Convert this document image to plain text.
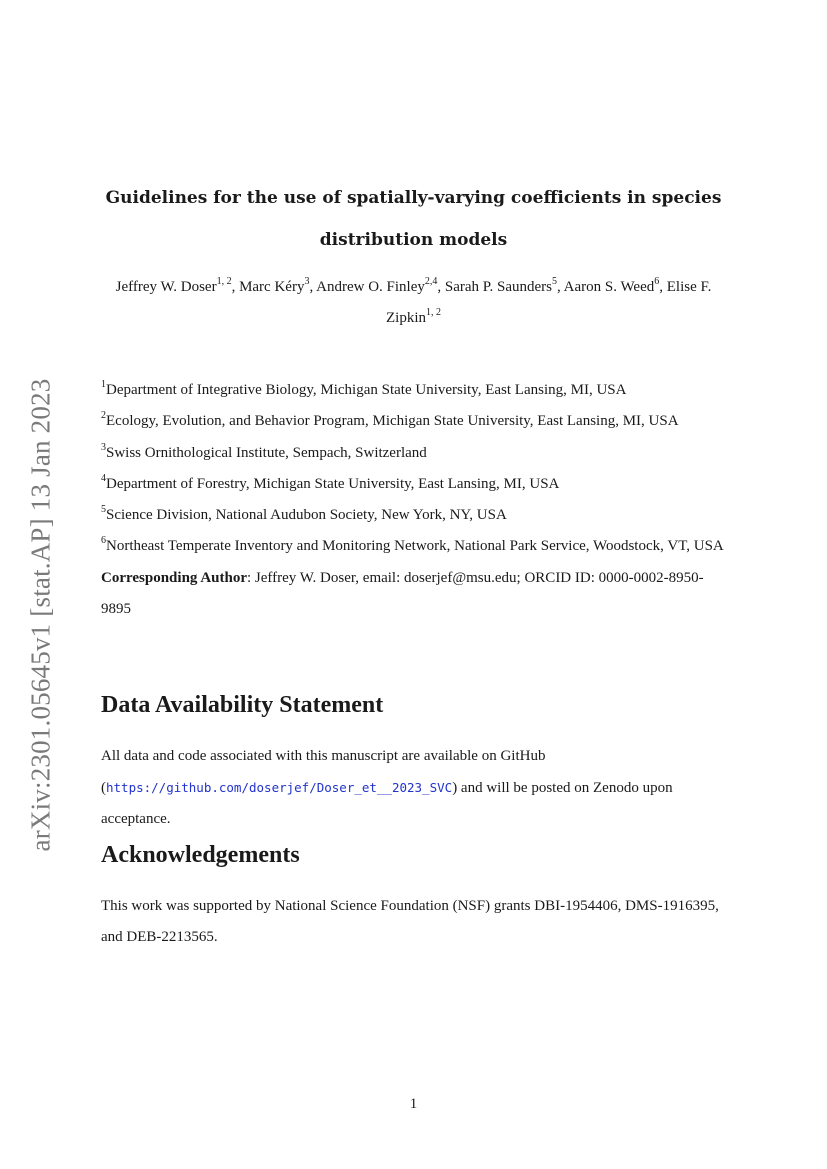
arXiv:2301.05645v1 [stat.AP] 13 Jan 2023
Guidelines for the use of spatially-varying coefficients in species distribution models
Jeffrey W. Doser$^{1, 2}$, Marc Kéry$^3$, Andrew O. Finley$^{2,4}$, Sarah P. Saunders$^5$, Aaron S. Weed$^6$, Elise F. Zipkin$^{1, 2}$

$^1$Department of Integrative Biology, Michigan State University, East Lansing, MI, USA

$^2$Ecology, Evolution, and Behavior Program, Michigan State University, East Lansing, MI, USA

$^3$Swiss Ornithological Institute, Sempach, Switzerland

$^4$Department of Forestry, Michigan State University, East Lansing, MI, USA

$^5$Science Division, National Audubon Society, New York, NY, USA

$^6$Northeast Temperate Inventory and Monitoring Network, National Park Service, Woodstock, VT, USA

Corresponding Author: Jeffrey W. Doser, email: doserjef@msu.edu; ORCID ID: 0000-0002-8950-9895

Data Availability Statement

All data and code associated with this manuscript are available on GitHub (https://github.com/doserjef/Doser_et__2023_SVC) and will be posted on Zenodo upon acceptance.

Acknowledgements

This work was supported by National Science Foundation (NSF) grants DBI-1954406, DMS-1916395, and DEB-2213565.

1
